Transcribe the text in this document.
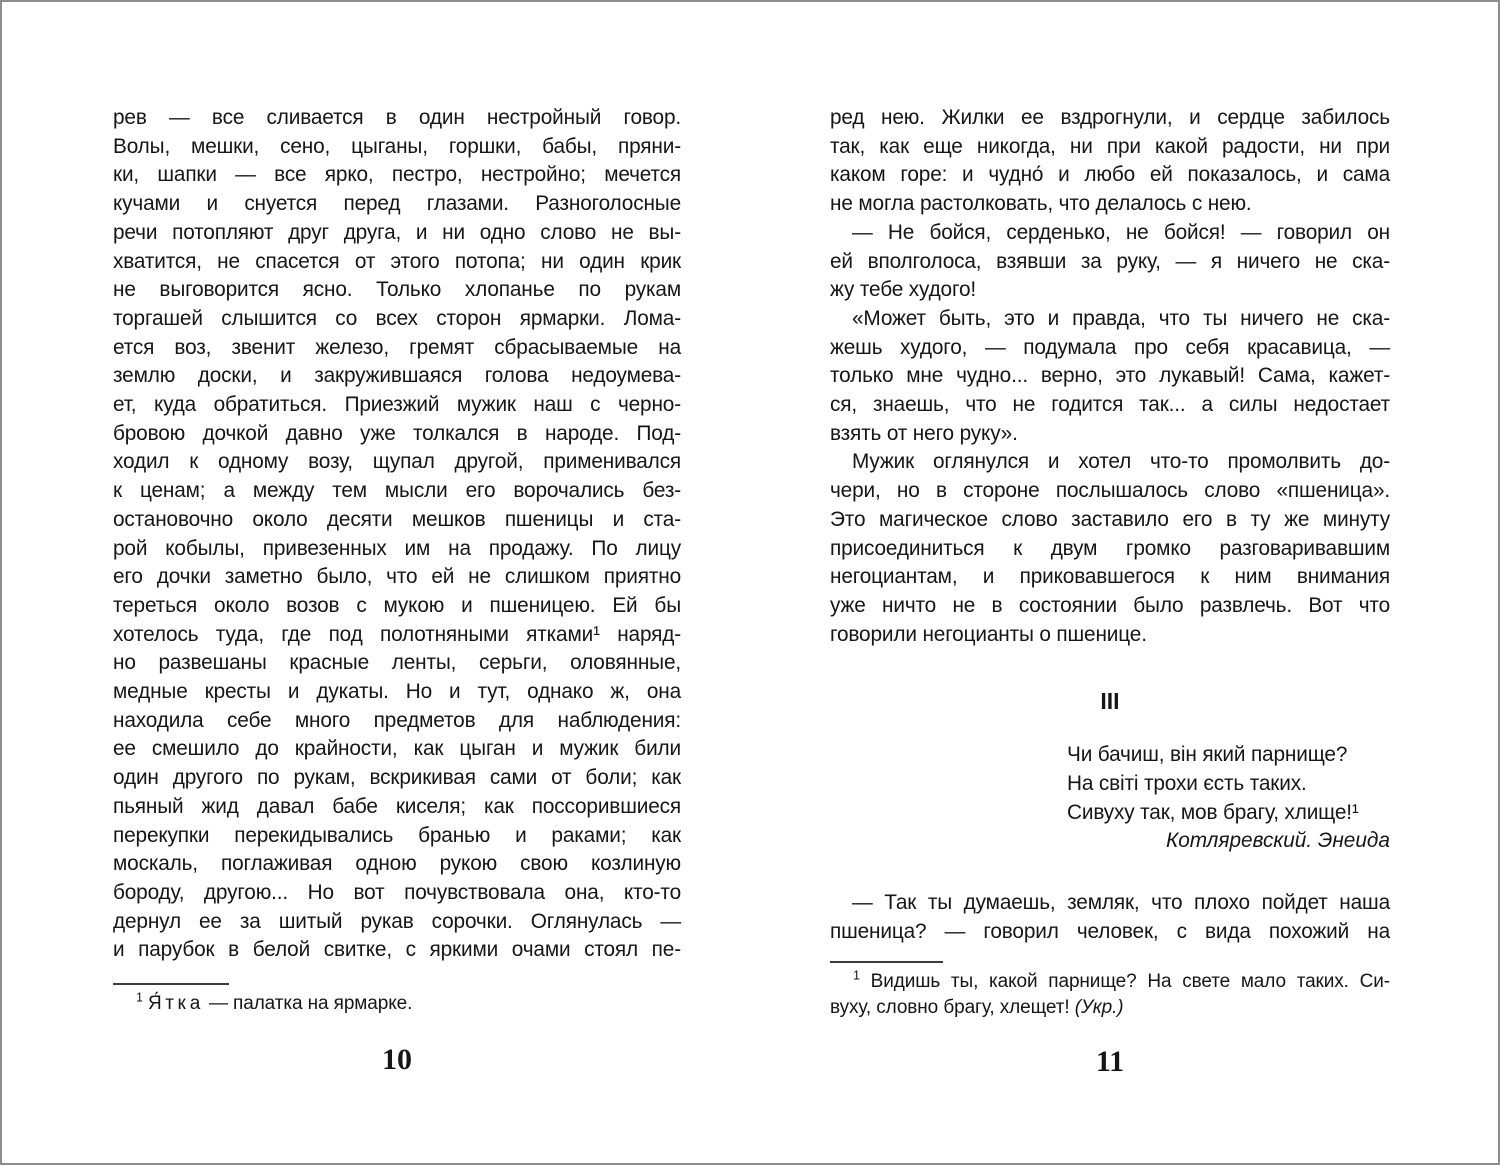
рев — все сливается в один нестройный говор.
Волы, мешки, сено, цыганы, горшки, бабы, пряни-
ки, шапки — все ярко, пестро, нестройно; мечется
кучами и снуется перед глазами. Разноголосные
речи потопляют друг друга, и ни одно слово не вы-
хватится, не спасется от этого потопа; ни один крик
не выговорится ясно. Только хлопанье по рукам
торгашей слышится со всех сторон ярмарки. Лома-
ется воз, звенит железо, гремят сбрасываемые на
землю доски, и закружившаяся голова недоумева-
ет, куда обратиться. Приезжий мужик наш с черно-
бровою дочкой давно уже толкался в народе. Под-
ходил к одному возу, щупал другой, применивался
к ценам; а между тем мысли его ворочались без-
остановочно около десяти мешков пшеницы и ста-
рой кобылы, привезенных им на продажу. По лицу
его дочки заметно было, что ей не слишком приятно
тереться около возов с мукою и пшеницею. Ей бы
хотелось туда, где под полотняными ятками¹ наряд-
но развешаны красные ленты, серьги, оловянные,
медные кресты и дукаты. Но и тут, однако ж, она
находила себе много предметов для наблюдения:
ее смешило до крайности, как цыган и мужик били
один другого по рукам, вскрикивая сами от боли; как
пьяный жид давал бабе киселя; как поссорившиеся
перекупки перекидывались бранью и раками; как
москаль, поглаживая одною рукою свою козлиную
бороду, другою... Но вот почувствовала она, кто-то
дернул ее за шитый рукав сорочки. Оглянулась —
и парубок в белой свитке, с яркими очами стоял пе-
$^1$ Я́тка — палатка на ярмарке.
10
ред нею. Жилки ее вздрогнули, и сердце забилось
так, как еще никогда, ни при какой радости, ни при
каком горе: и чудно́ и любо ей показалось, и сама
не могла растолковать, что делалось с нею.
— Не бойся, серденько, не бойся! — говорил он
ей вполголоса, взявши за руку, — я ничего не ска-
жу тебе худого!
«Может быть, это и правда, что ты ничего не ска-
жешь худого, — подумала про себя красавица, —
только мне чудно... верно, это лукавый! Сама, кажет-
ся, знаешь, что не годится так... а силы недостает
взять от него руку».
Мужик оглянулся и хотел что-то промолвить до-
чери, но в стороне послышалось слово «пшеница».
Это магическое слово заставило его в ту же минуту
присоединиться к двум громко разговаривавшим
негоциантам, и приковавшегося к ним внимания
уже ничто не в состоянии было развлечь. Вот что
говорили негоцианты о пшенице.
III
Чи бачиш, він який парнище?
На світі трохи єсть таких.
Сивуху так, мов брагу, хлище!¹
Котляревский. Энеида
— Так ты думаешь, земляк, что плохо пойдет наша
пшеница? — говорил человек, с вида похожий на
$^1$ Видишь ты, какой парнище? На свете мало таких. Си-
вуху, словно брагу, хлещет! (Укр.)
11
